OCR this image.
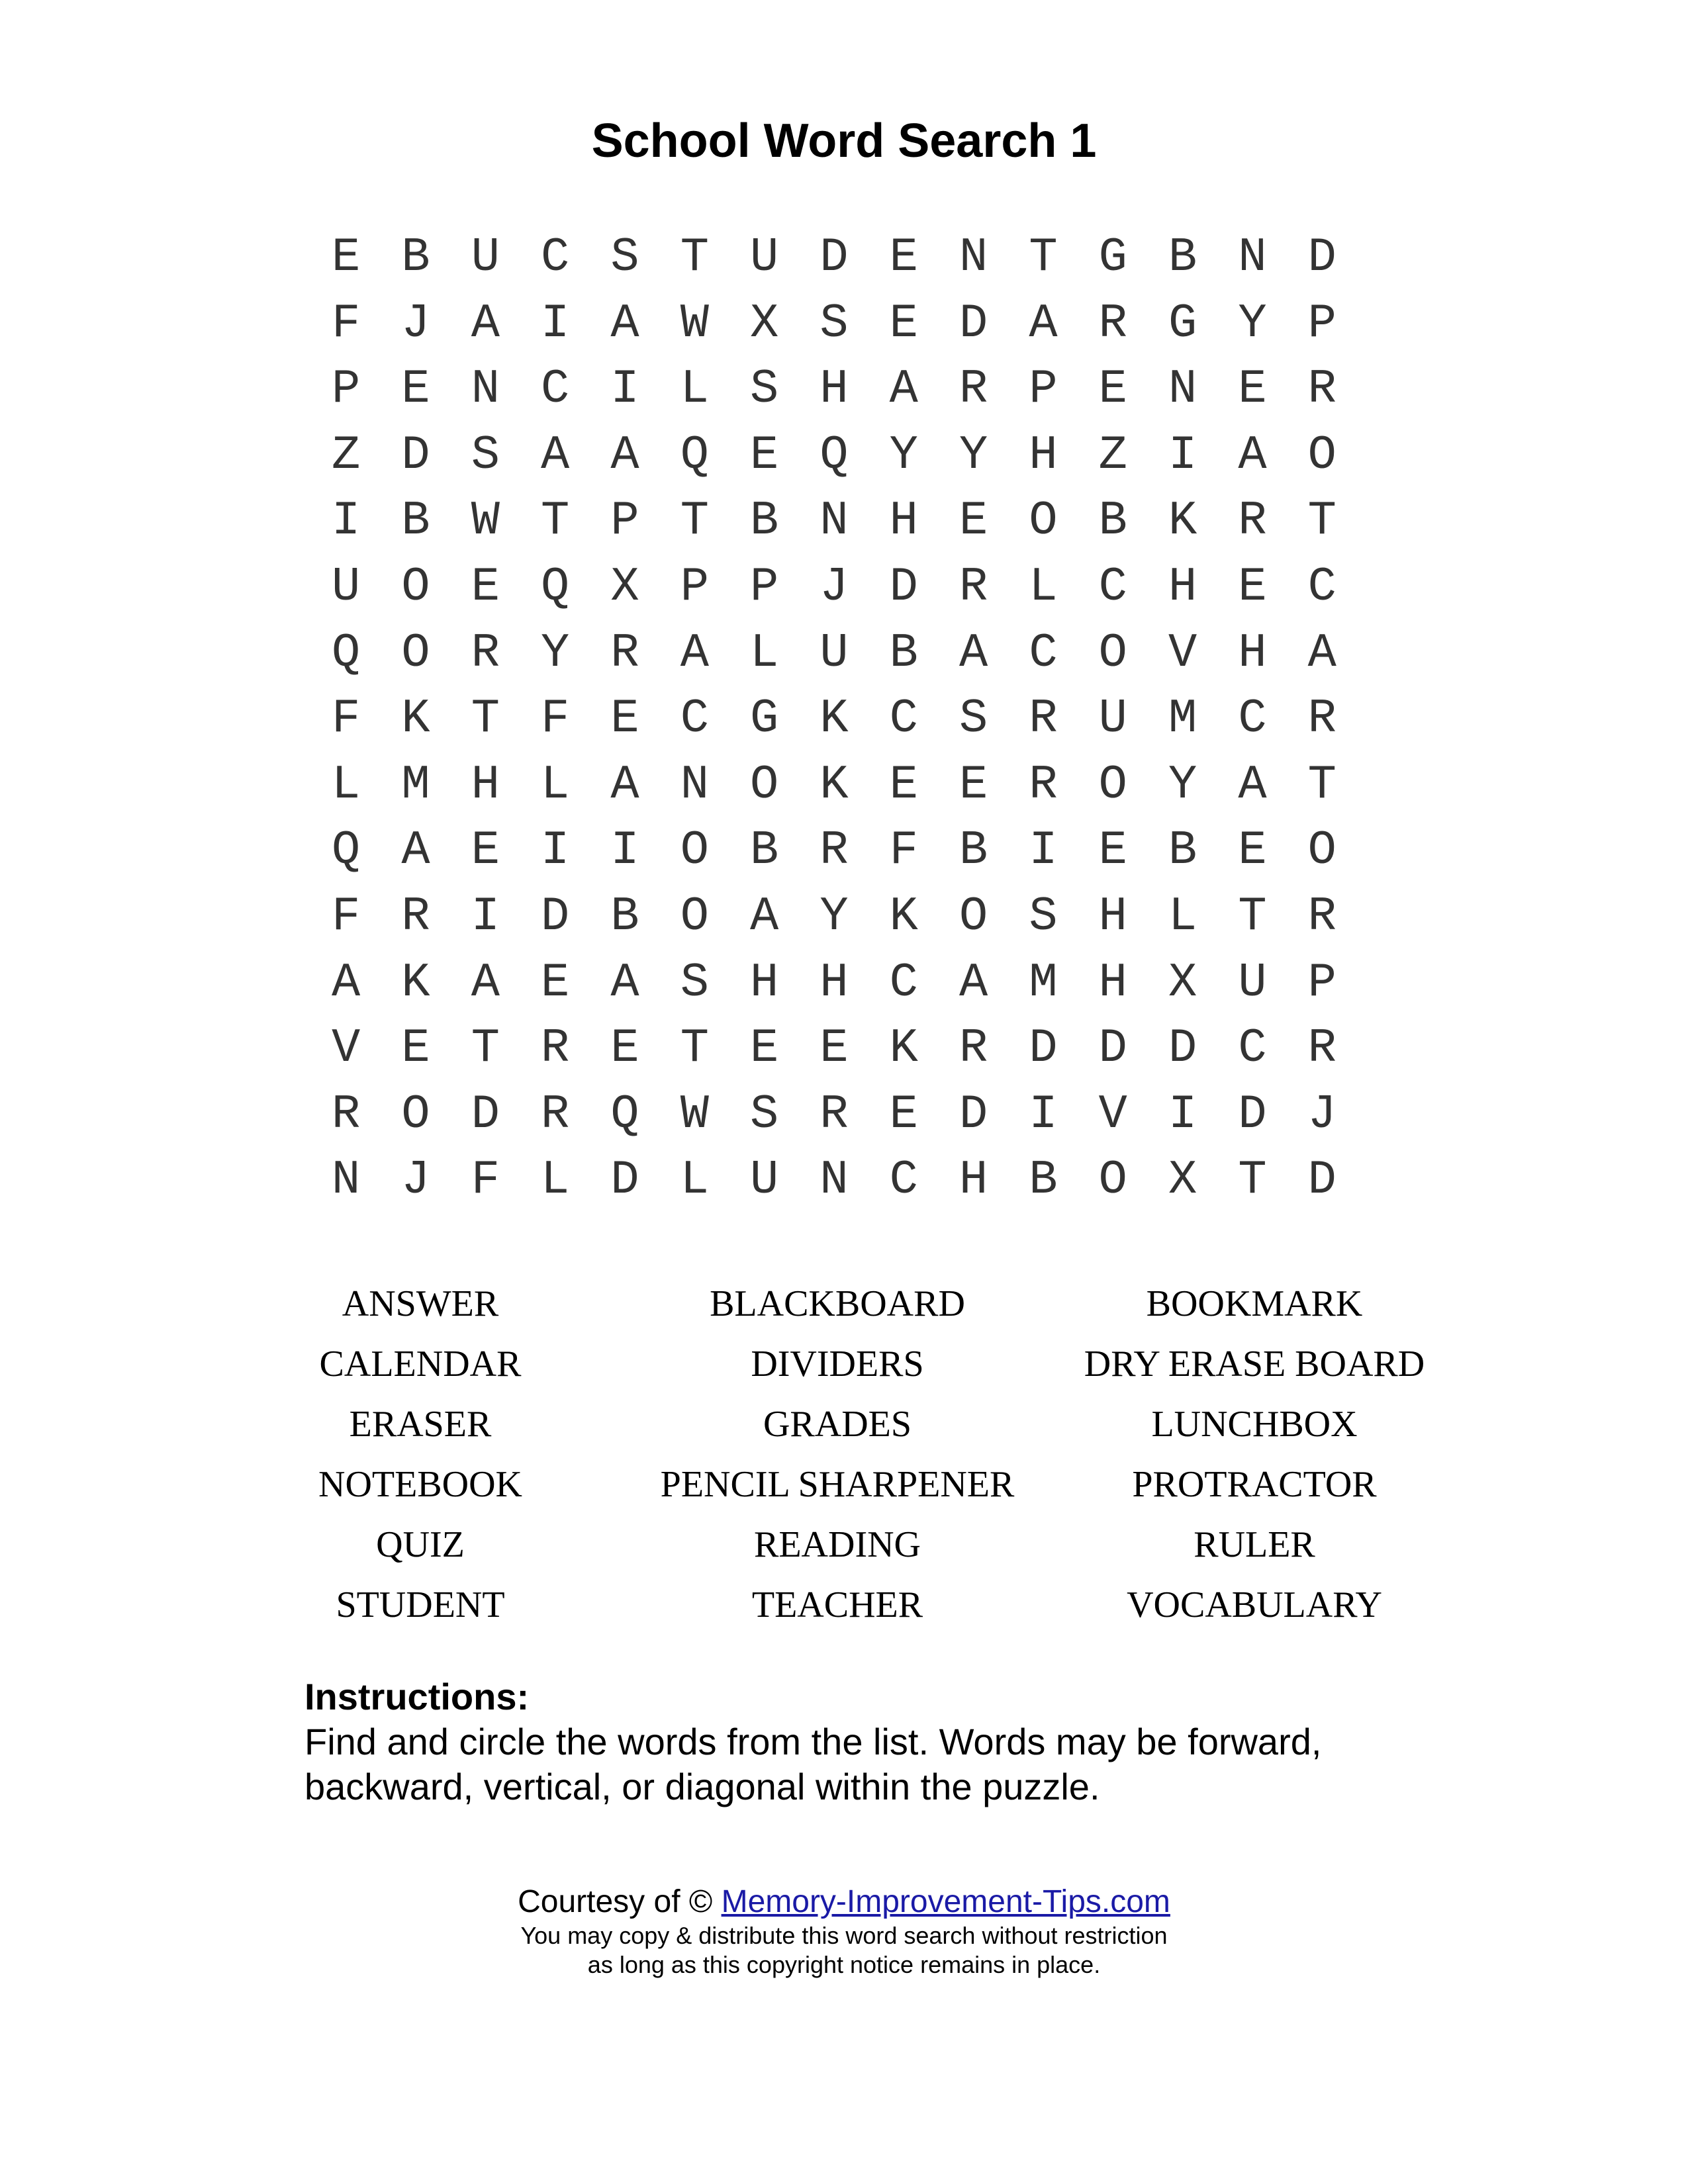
School Word Search 1
E B U C S T U D E N T G B N D
F J A I A W X S E D A R G Y P
P E N C I L S H A R P E N E R
Z D S A A Q E Q Y Y H Z I A O
I B W T P T B N H E O B K R T
U O E Q X P P J D R L C H E C
Q O R Y R A L U B A C O V H A
F K T F E C G K C S R U M C R
L M H L A N O K E E R O Y A T
Q A E I I O B R F B I E B E O
F R I D B O A Y K O S H L T R
A K A E A S H H C A M H X U P
V E T R E T E E K R D D D C R
R O D R Q W S R E D I V I D J
N J F L D L U N C H B O X T D
ANSWER	BLACKBOARD	BOOKMARK
CALENDAR	DIVIDERS	DRY ERASE BOARD
ERASER	GRADES	LUNCHBOX
NOTEBOOK	PENCIL SHARPENER	PROTRACTOR
QUIZ	READING	RULER
STUDENT	TEACHER	VOCABULARY
Instructions:
Find and circle the words from the list. Words may be forward,
backward, vertical, or diagonal within the puzzle.
Courtesy of © Memory-Improvement-Tips.com
You may copy & distribute this word search without restriction
as long as this copyright notice remains in place.
